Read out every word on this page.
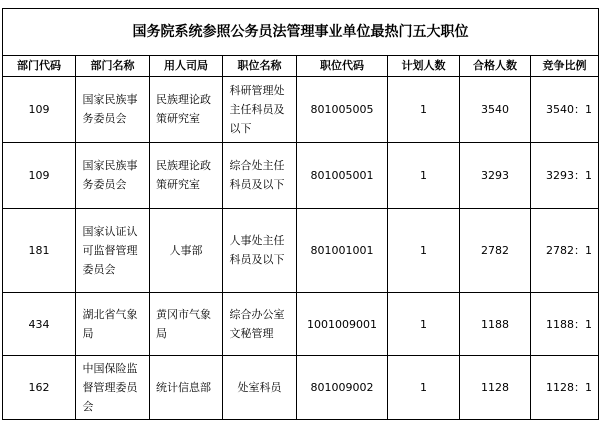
国务院系统参照公务员法管理事业单位最热门五大职位							
部门代码	部门名称	用人司局	职位名称	职位代码	计划人数	合格人数	竞争比例
109	国家民族事务委员会	民族理论政策研究室	科研管理处主任科员及以下	801005005	1	3540	3540：1
109	国家民族事务委员会	民族理论政策研究室	综合处主任科员及以下	801005001	1	3293	3293：1
181	国家认证认可监督管理委员会	人事部	人事处主任科员及以下	801001001	1	2782	2782：1
434	湖北省气象局	黄冈市气象局	综合办公室文秘管理	1001009001	1	1188	1188：1
162	中国保险监督管理委员会	统计信息部	处室科员	801009002	1	1128	1128：1
